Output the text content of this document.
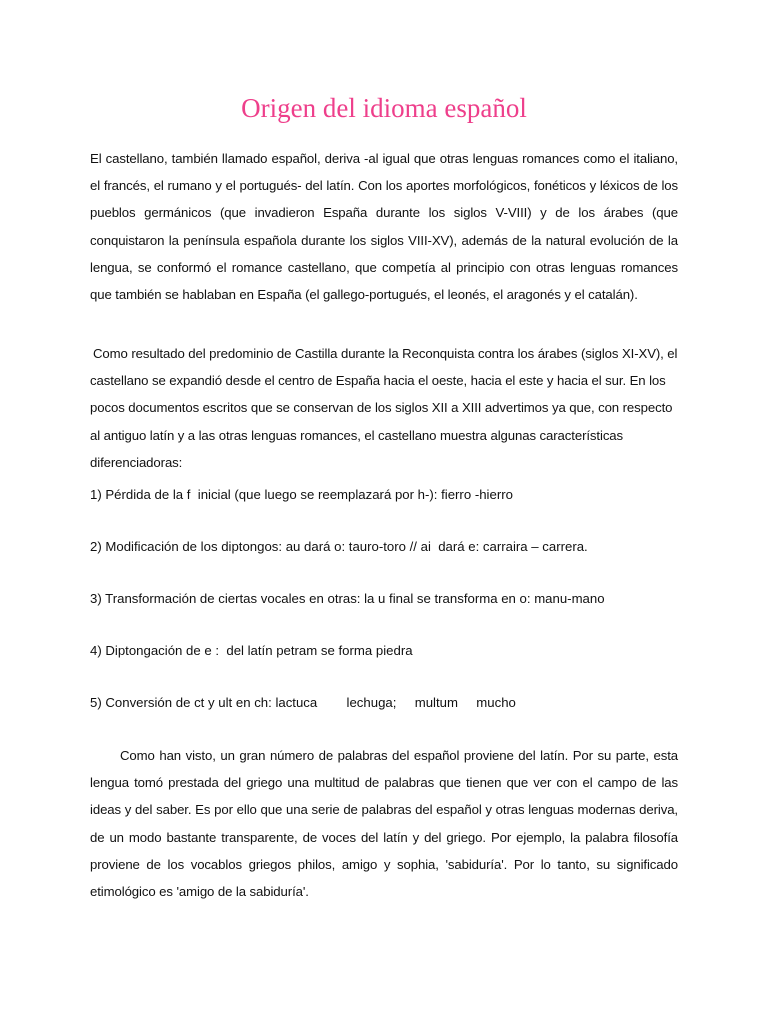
Origen del idioma español

El castellano, también llamado español, deriva -al igual que otras lenguas romances como el italiano, el francés, el rumano y el portugués- del latín. Con los aportes morfológicos, fonéticos y léxicos de los pueblos germánicos (que invadieron España durante los siglos V-VIII) y de los árabes (que conquistaron la península española durante los siglos VIII-XV), además de la natural evolución de la lengua, se conformó el romance castellano, que competía al principio con otras lenguas romances que también se hablaban en España (el gallego-portugués, el leonés, el aragonés y el catalán).

Como resultado del predominio de Castilla durante la Reconquista contra los árabes (siglos XI-XV), el castellano se expandió desde el centro de España hacia el oeste, hacia el este y hacia el sur. En los pocos documentos escritos que se conservan de los siglos XII a XIII advertimos ya que, con respecto al antiguo latín y a las otras lenguas romances, el castellano muestra algunas características diferenciadoras:

1) Pérdida de la f  inicial (que luego se reemplazará por h-): fierro -hierro

2) Modificación de los diptongos: au dará o: tauro-toro // ai  dará e: carraira – carrera.

3) Transformación de ciertas vocales en otras: la u final se transforma en o: manu-mano

4) Diptongación de e :  del latín petram se forma piedra

5) Conversión de ct y ult en ch: lactuca        lechuga;     multum     mucho

Como han visto, un gran número de palabras del español proviene del latín. Por su parte, esta lengua tomó prestada del griego una multitud de palabras que tienen que ver con el campo de las ideas y del saber. Es por ello que una serie de palabras del español y otras lenguas modernas deriva, de un modo bastante transparente, de voces del latín y del griego. Por ejemplo, la palabra filosofía proviene de los vocablos griegos philos, amigo y sophia, 'sabiduría'. Por lo tanto, su significado etimológico es 'amigo de la sabiduría'.
